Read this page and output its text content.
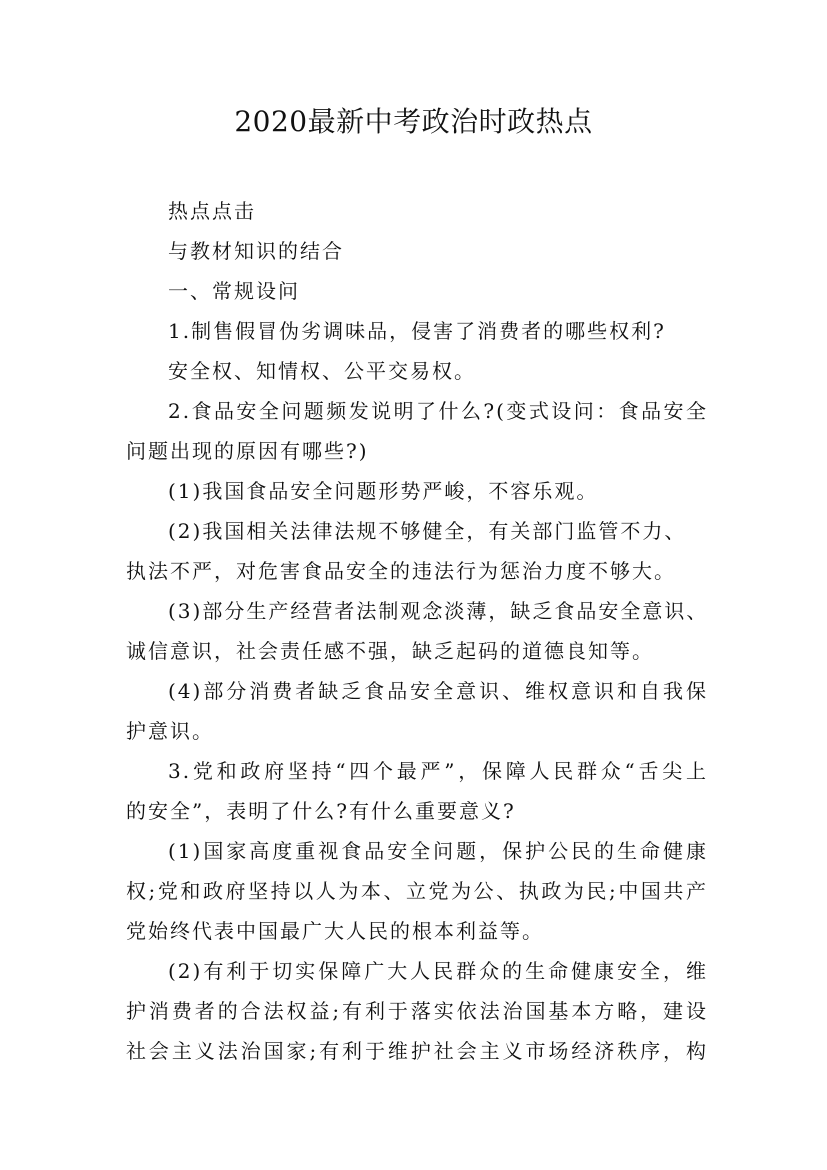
2020最新中考政治时政热点
热点点击
与教材知识的结合
一、常规设问
1.制售假冒伪劣调味品，侵害了消费者的哪些权利?
安全权、知情权、公平交易权。
2.食品安全问题频发说明了什么?(变式设问：食品安全
问题出现的原因有哪些?)
(1)我国食品安全问题形势严峻，不容乐观。
(2)我国相关法律法规不够健全，有关部门监管不力、
执法不严，对危害食品安全的违法行为惩治力度不够大。
(3)部分生产经营者法制观念淡薄，缺乏食品安全意识、
诚信意识，社会责任感不强，缺乏起码的道德良知等。
(4)部分消费者缺乏食品安全意识、维权意识和自我保
护意识。
3.党和政府坚持“四个最严”，保障人民群众“舌尖上
的安全”，表明了什么?有什么重要意义?
(1)国家高度重视食品安全问题，保护公民的生命健康
权;党和政府坚持以人为本、立党为公、执政为民;中国共产
党始终代表中国最广大人民的根本利益等。
(2)有利于切实保障广大人民群众的生命健康安全，维
护消费者的合法权益;有利于落实依法治国基本方略，建设
社会主义法治国家;有利于维护社会主义市场经济秩序，构
